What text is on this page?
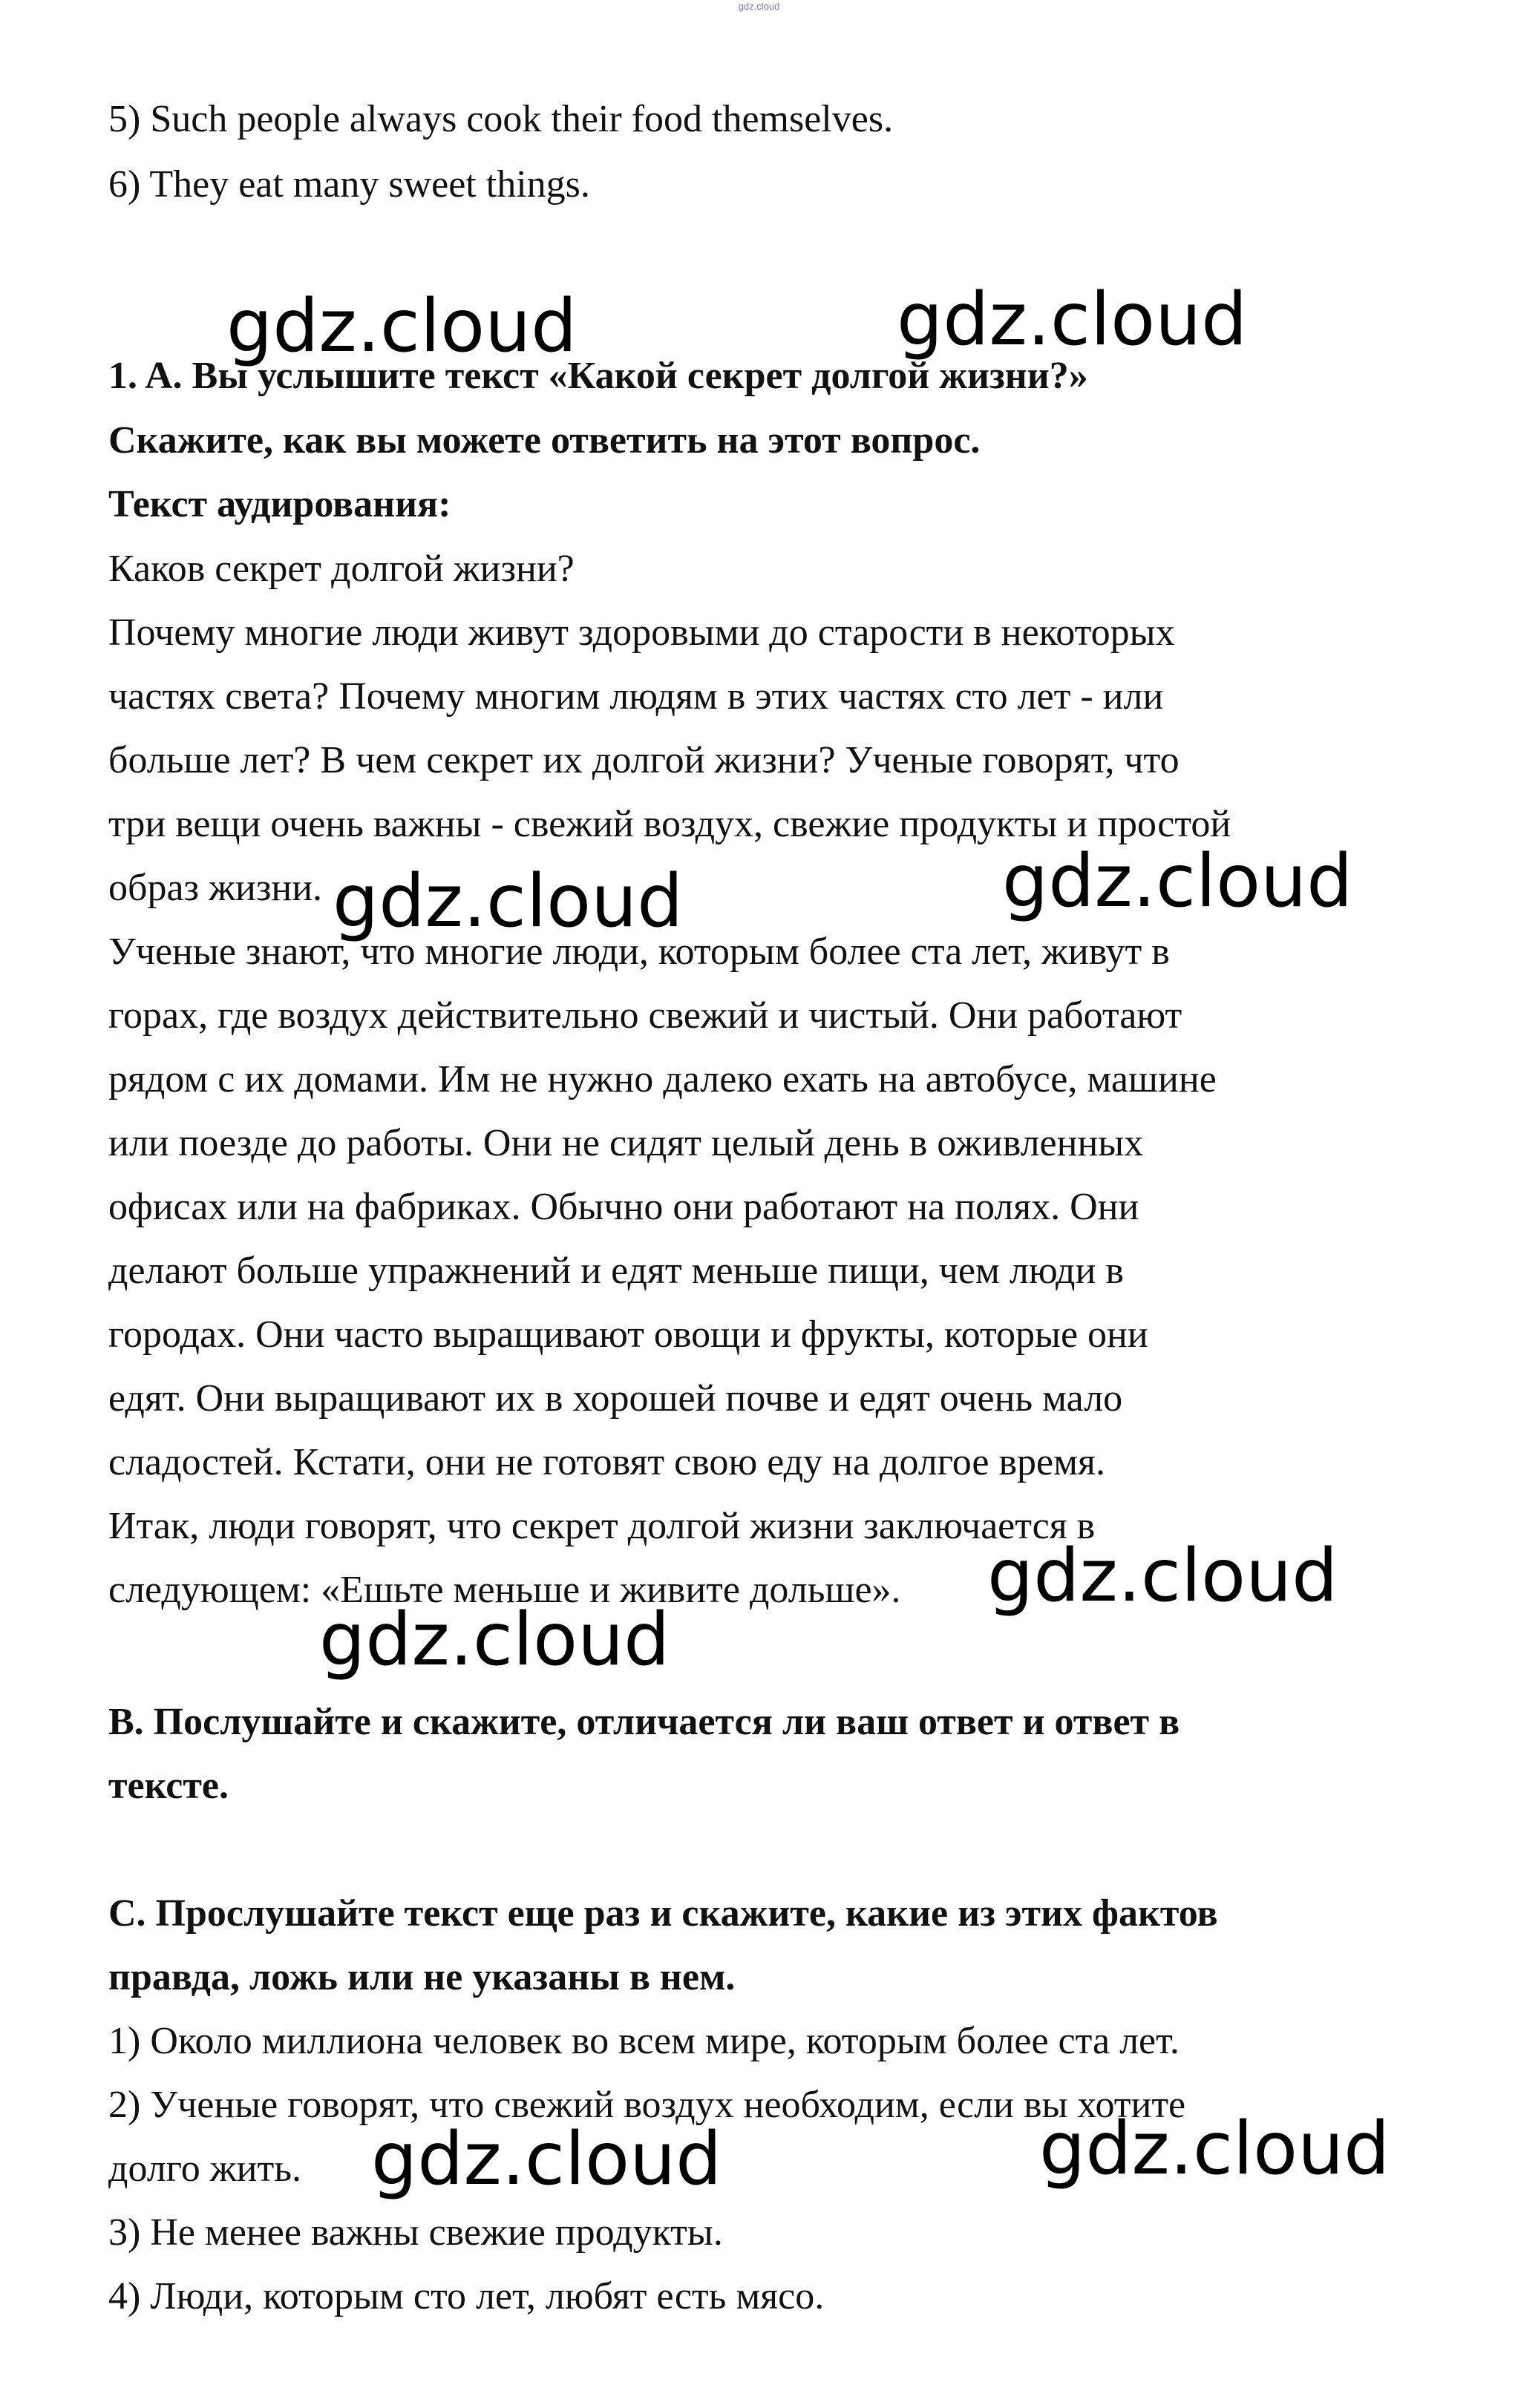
gdz.cloud
5) Such people always cook their food themselves.
6) They eat many sweet things.
1. A. Вы услышите текст «Какой секрет долгой жизни?»
Скажите, как вы можете ответить на этот вопрос.
Текст аудирования:
Каков секрет долгой жизни?
Почему многие люди живут здоровыми до старости в некоторых
частях света? Почему многим людям в этих частях сто лет - или
больше лет? В чем секрет их долгой жизни? Ученые говорят, что
три вещи очень важны - свежий воздух, свежие продукты и простой
образ жизни.
Ученые знают, что многие люди, которым более ста лет, живут в
горах, где воздух действительно свежий и чистый. Они работают
рядом с их домами. Им не нужно далеко ехать на автобусе, машине
или поезде до работы. Они не сидят целый день в оживленных
офисах или на фабриках. Обычно они работают на полях. Они
делают больше упражнений и едят меньше пищи, чем люди в
городах. Они часто выращивают овощи и фрукты, которые они
едят. Они выращивают их в хорошей почве и едят очень мало
сладостей. Кстати, они не готовят свою еду на долгое время.
Итак, люди говорят, что секрет долгой жизни заключается в
следующем: «Ешьте меньше и живите дольше».
B. Послушайте и скажите, отличается ли ваш ответ и ответ в
тексте.
C. Прослушайте текст еще раз и скажите, какие из этих фактов
правда, ложь или не указаны в нем.
1) Около миллиона человек во всем мире, которым более ста лет.
2) Ученые говорят, что свежий воздух необходим, если вы хотите
долго жить.
3) Не менее важны свежие продукты.
4) Люди, которым сто лет, любят есть мясо.
gdz.cloud	gdz.cloud
gdz.cloud	gdz.cloud
gdz.cloud
gdz.cloud
gdz.cloud	gdz.cloud
